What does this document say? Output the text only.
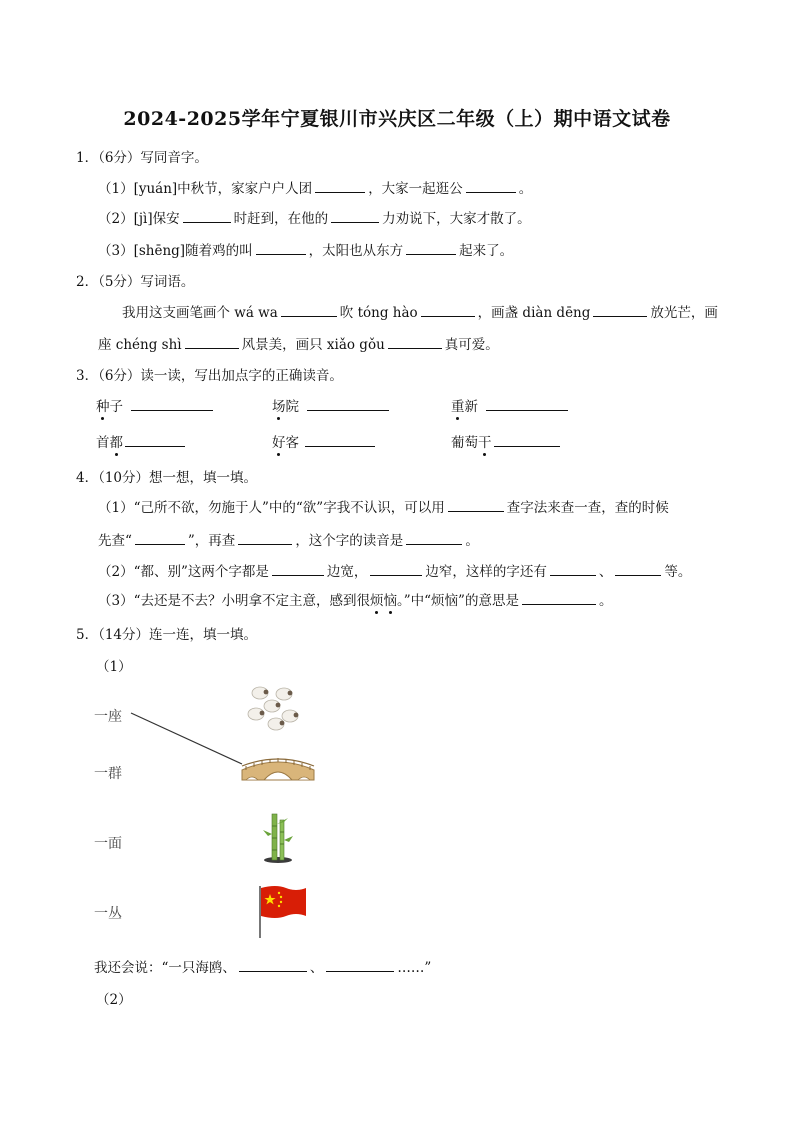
2024-2025学年宁夏银川市兴庆区二年级（上）期中语文试卷
1．（6分）写同音字。
（1）[yuán]中秋节，家家户户人团	，大家一起逛公	。
（2）[jì]保安	时赶到，在他的	力劝说下，大家才散了。
（3）[shēng]随着鸡的叫	，太阳也从东方	起来了。
2．（5分）写词语。
我用这支画笔画个 wá wa	吹 tóng hào	，画盏 diàn dēng	放光芒，画
座 chéng shì	风景美，画只 xiǎo gǒu	真可爱。
3．（6分）读一读，写出加点字的正确读音。
种子	场院	重新
首都	好客	葡萄干
4．（10分）想一想，填一填。
（1）“己所不欲，勿施于人”中的“欲”字我不认识，可以用	查字法来查一查，查的时候
先查“	”，再查	，这个字的读音是	。
（2）“都、别”这两个字都是	边宽，	边窄，这样的字还有	、	等。
（3）“去还是不去？小明拿不定主意，感到很烦恼。”中“烦恼”的意思是	。
5．（14分）连一连，填一填。
（1）
一座
一群
一面
一丛
我还会说：“一只海鸥、	、	……”
（2）
